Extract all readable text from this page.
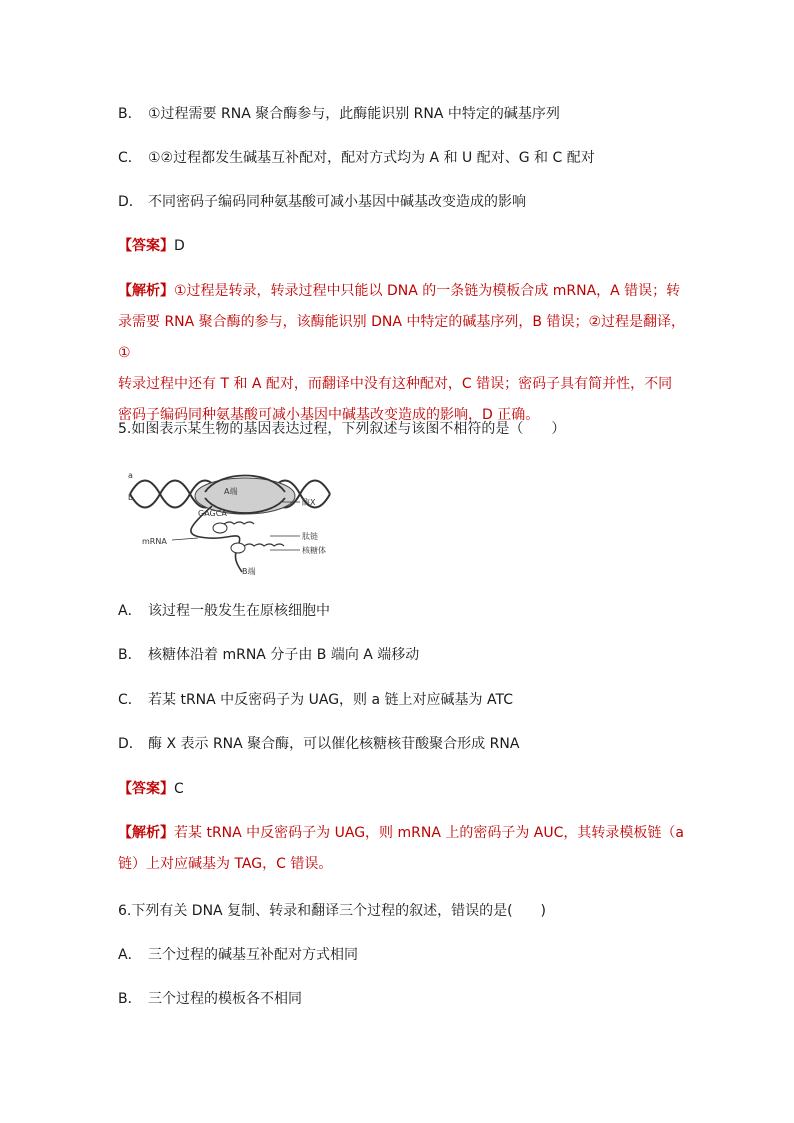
B． ①过程需要 RNA 聚合酶参与，此酶能识别 RNA 中特定的碱基序列
C． ①②过程都发生碱基互补配对，配对方式均为 A 和 U 配对、G 和 C 配对
D． 不同密码子编码同种氨基酸可减小基因中碱基改变造成的影响
【答案】D
【解析】①过程是转录，转录过程中只能以 DNA 的一条链为模板合成 mRNA，A 错误；转
录需要 RNA 聚合酶的参与，该酶能识别 DNA 中特定的碱基序列，B 错误；②过程是翻译，①
转录过程中还有 T 和 A 配对，而翻译中没有这种配对，C 错误；密码子具有简并性，不同
密码子编码同种氨基酸可减小基因中碱基改变造成的影响，D 正确。
5.如图表示某生物的基因表达过程，下列叙述与该图不相符的是（　　）
a
b
A端
酶X
GAGCA
肽链
mRNA
核糖体
B端
A． 该过程一般发生在原核细胞中
B． 核糖体沿着 mRNA 分子由 B 端向 A 端移动
C． 若某 tRNA 中反密码子为 UAG，则 a 链上对应碱基为 ATC
D． 酶 X 表示 RNA 聚合酶，可以催化核糖核苷酸聚合形成 RNA
【答案】C
【解析】若某 tRNA 中反密码子为 UAG，则 mRNA 上的密码子为 AUC，其转录模板链（a
链）上对应碱基为 TAG，C 错误。
6.下列有关 DNA 复制、转录和翻译三个过程的叙述，错误的是(　　)
A． 三个过程的碱基互补配对方式相同
B． 三个过程的模板各不相同
